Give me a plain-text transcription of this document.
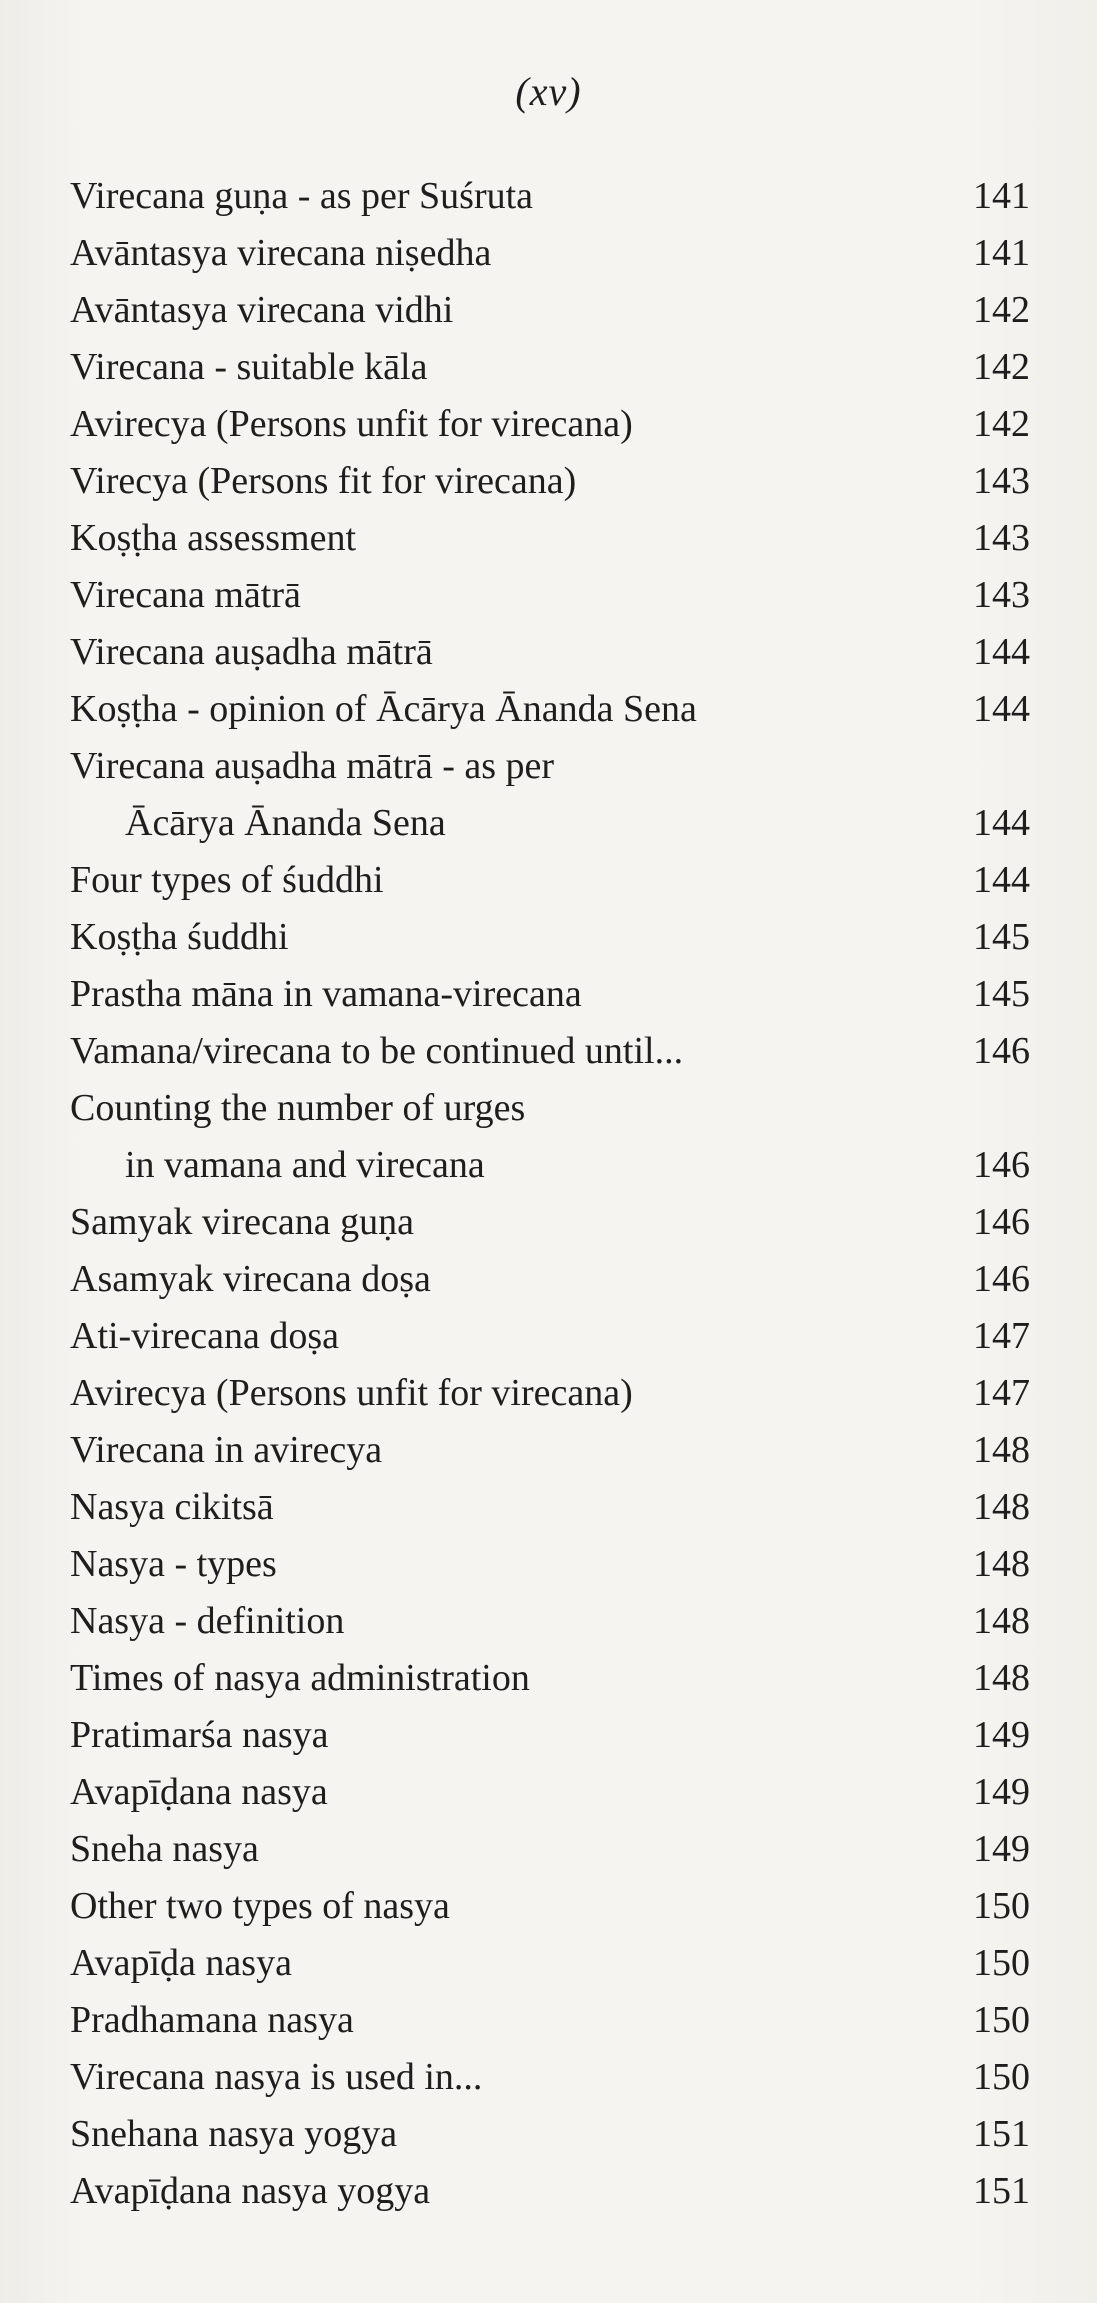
(xv)
Virecana guṇa - as per Suśruta	141
Avāntasya virecana niṣedha	141
Avāntasya virecana vidhi	142
Virecana - suitable kāla	142
Avirecya (Persons unfit for virecana)	142
Virecya (Persons fit for virecana)	143
Koṣṭha assessment	143
Virecana mātrā	143
Virecana auṣadha mātrā	144
Koṣṭha - opinion of Ācārya Ānanda Sena	144
Virecana auṣadha mātrā - as per
Ācārya Ānanda Sena	144
Four types of śuddhi	144
Koṣṭha śuddhi	145
Prastha māna in vamana-virecana	145
Vamana/virecana to be continued until...	146
Counting the number of urges
in vamana and virecana	146
Samyak virecana guṇa	146
Asamyak virecana doṣa	146
Ati-virecana doṣa	147
Avirecya (Persons unfit for virecana)	147
Virecana in avirecya	148
Nasya cikitsā	148
Nasya - types	148
Nasya - definition	148
Times of nasya administration	148
Pratimarśa nasya	149
Avapīḍana nasya	149
Sneha nasya	149
Other two types of nasya	150
Avapīḍa nasya	150
Pradhamana nasya	150
Virecana nasya is used in...	150
Snehana nasya yogya	151
Avapīḍana nasya yogya	151
